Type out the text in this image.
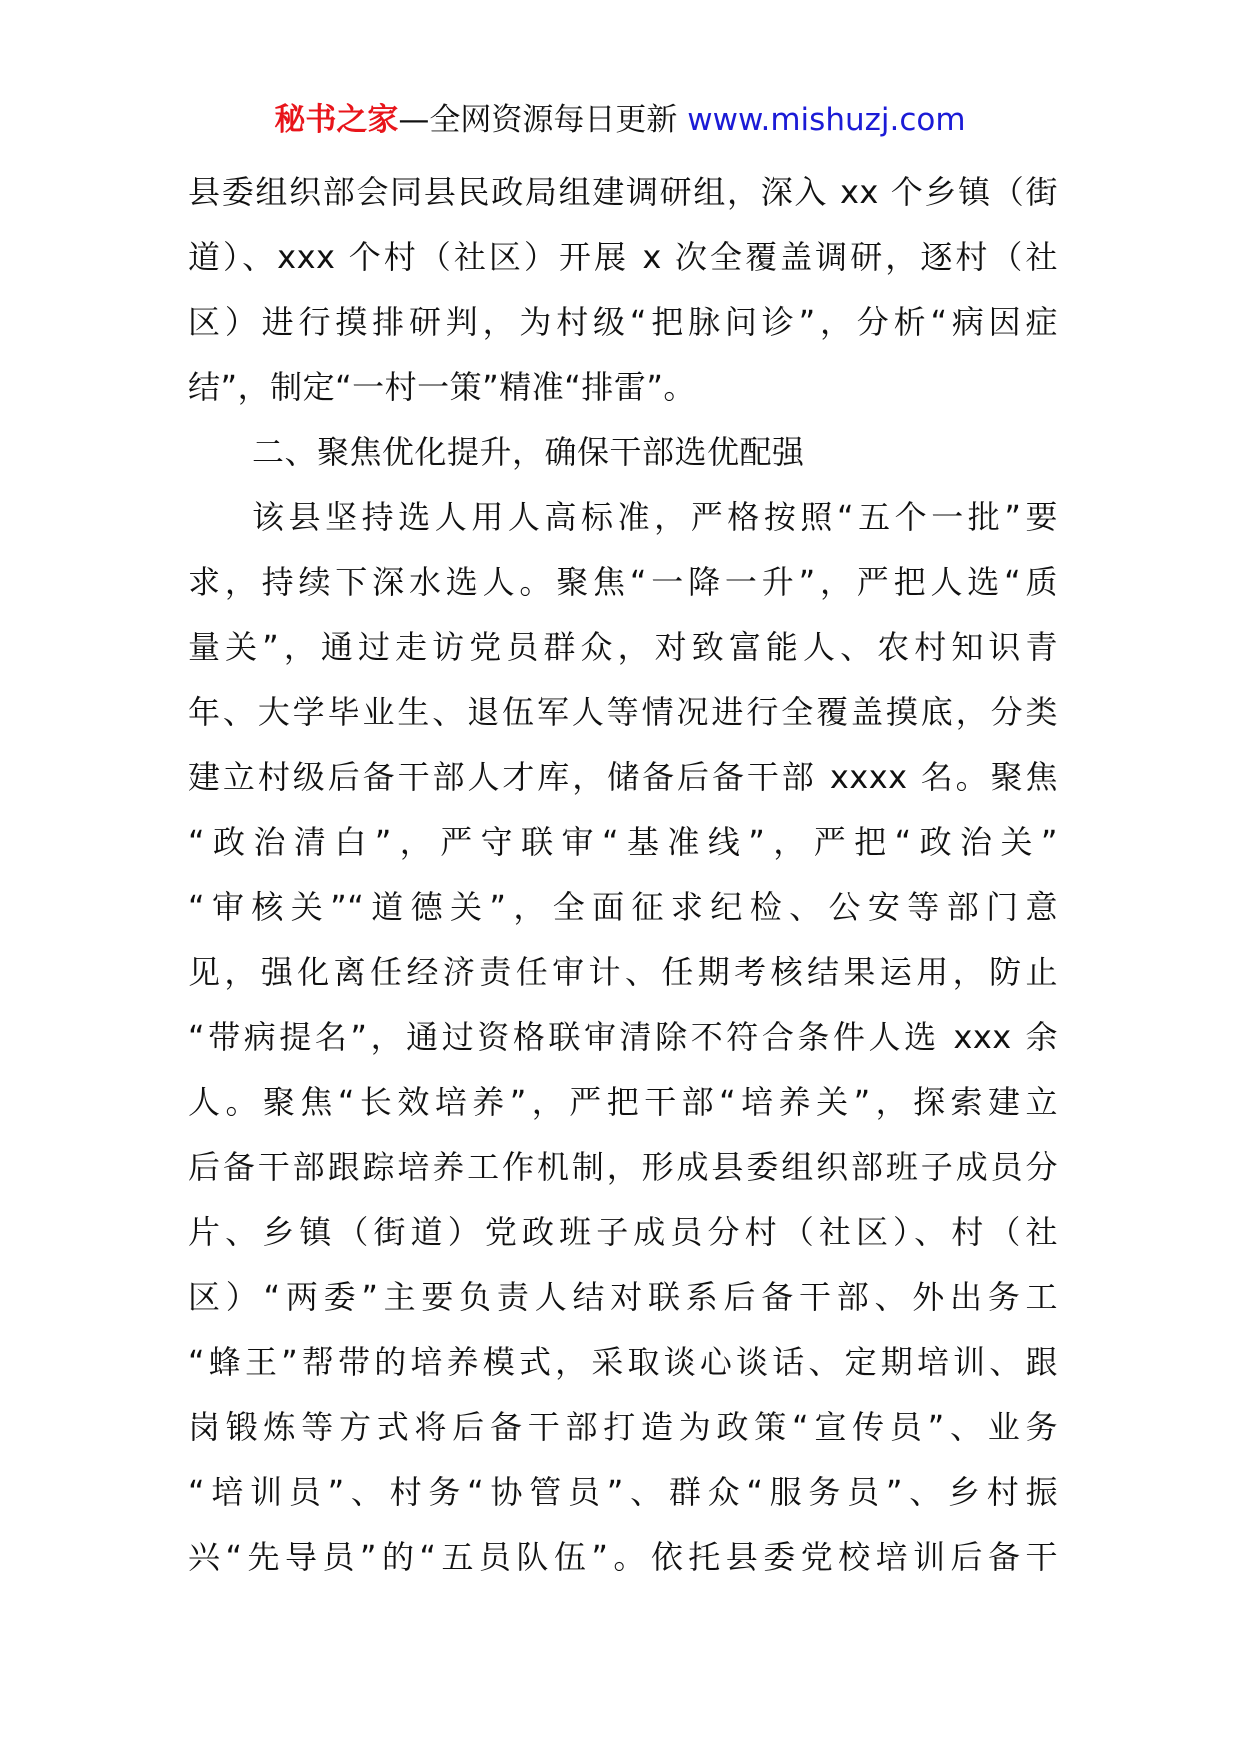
秘书之家—全网资源每日更新 www.mishuzj.com
县委组织部会同县民政局组建调研组，深入 xx 个乡镇（街
道）、xxx 个村（社区）开展 x 次全覆盖调研，逐村（社
区）进行摸排研判，为村级“把脉问诊”，分析“病因症
结”，制定“一村一策”精准“排雷”。
二、聚焦优化提升，确保干部选优配强
该县坚持选人用人高标准，严格按照“五个一批”要
求，持续下深水选人。聚焦“一降一升”，严把人选“质
量关”，通过走访党员群众，对致富能人、农村知识青
年、大学毕业生、退伍军人等情况进行全覆盖摸底，分类
建立村级后备干部人才库，储备后备干部 xxxx 名。聚焦
“政治清白”，严守联审“基准线”，严把“政治关”
“审核关”“道德关”，全面征求纪检、公安等部门意
见，强化离任经济责任审计、任期考核结果运用，防止
“带病提名”，通过资格联审清除不符合条件人选 xxx 余
人。聚焦“长效培养”，严把干部“培养关”，探索建立
后备干部跟踪培养工作机制，形成县委组织部班子成员分
片、乡镇（街道）党政班子成员分村（社区）、村（社
区）“两委”主要负责人结对联系后备干部、外出务工
“蜂王”帮带的培养模式，采取谈心谈话、定期培训、跟
岗锻炼等方式将后备干部打造为政策“宣传员”、业务
“培训员”、村务“协管员”、群众“服务员”、乡村振
兴“先导员”的“五员队伍”。依托县委党校培训后备干
